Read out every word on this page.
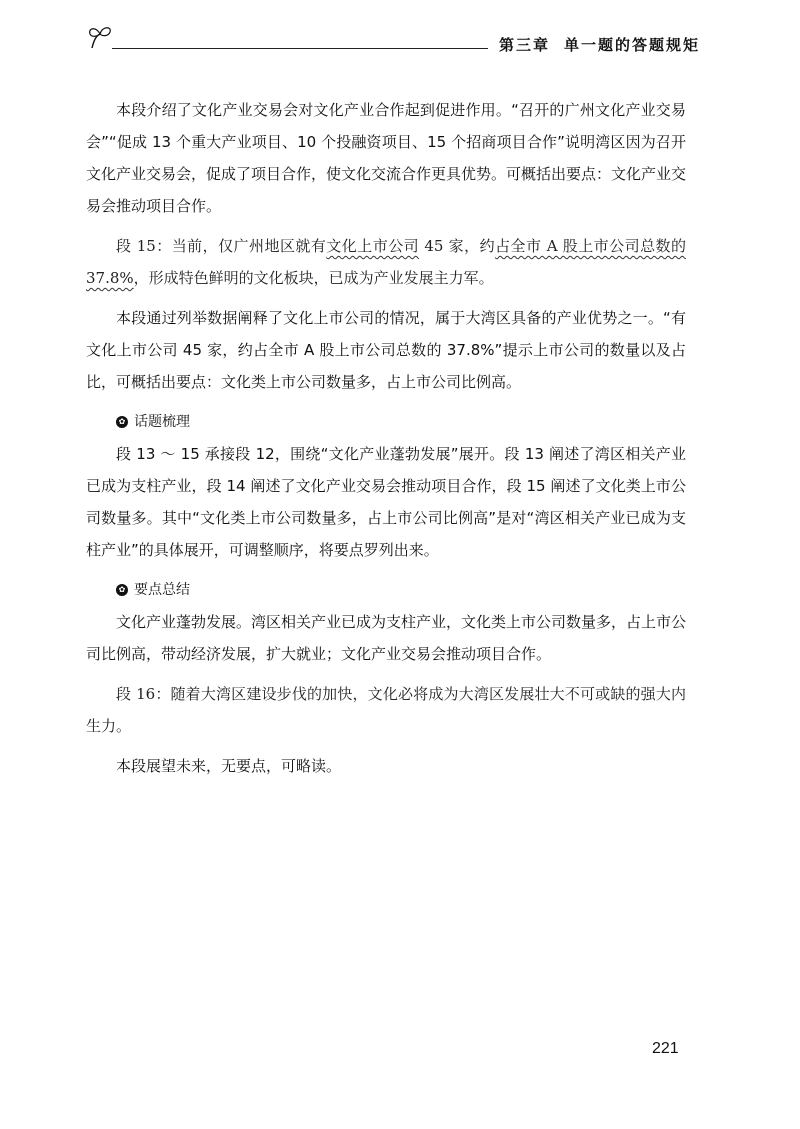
第三章 单一题的答题规矩

本段介绍了文化产业交易会对文化产业合作起到促进作用。“召开的广州文化产业交易会”“促成 13 个重大产业项目、10 个投融资项目、15 个招商项目合作”说明湾区因为召开文化产业交易会，促成了项目合作，使文化交流合作更具优势。可概括出要点：文化产业交易会推动项目合作。

段 15：当前，仅广州地区就有文化上市公司 45 家，约占全市 A 股上市公司总数的 37.8%，形成特色鲜明的文化板块，已成为产业发展主力军。

本段通过列举数据阐释了文化上市公司的情况，属于大湾区具备的产业优势之一。“有文化上市公司 45 家，约占全市 A 股上市公司总数的 37.8%”提示上市公司的数量以及占比，可概括出要点：文化类上市公司数量多，占上市公司比例高。

✿ 话题梳理

段 13 ～ 15 承接段 12，围绕“文化产业蓬勃发展”展开。段 13 阐述了湾区相关产业已成为支柱产业，段 14 阐述了文化产业交易会推动项目合作，段 15 阐述了文化类上市公司数量多。其中“文化类上市公司数量多，占上市公司比例高”是对“湾区相关产业已成为支柱产业”的具体展开，可调整顺序，将要点罗列出来。

✿ 要点总结

文化产业蓬勃发展。湾区相关产业已成为支柱产业，文化类上市公司数量多，占上市公司比例高，带动经济发展，扩大就业；文化产业交易会推动项目合作。

段 16：随着大湾区建设步伐的加快，文化必将成为大湾区发展壮大不可或缺的强大内生力。

本段展望未来，无要点，可略读。

221
